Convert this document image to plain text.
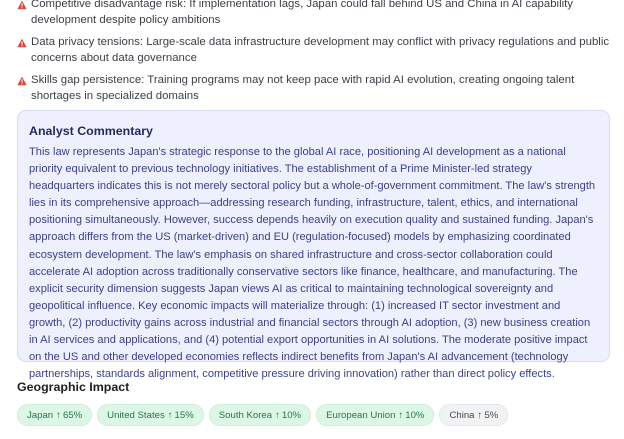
Competitive disadvantage risk: If implementation lags, Japan could fall behind US and China in AI capability development despite policy ambitions
Data privacy tensions: Large-scale data infrastructure development may conflict with privacy regulations and public concerns about data governance
Skills gap persistence: Training programs may not keep pace with rapid AI evolution, creating ongoing talent shortages in specialized domains
Analyst Commentary
This law represents Japan's strategic response to the global AI race, positioning AI development as a national priority equivalent to previous technology initiatives. The establishment of a Prime Minister-led strategy headquarters indicates this is not merely sectoral policy but a whole-of-government commitment. The law's strength lies in its comprehensive approach—addressing research funding, infrastructure, talent, ethics, and international positioning simultaneously. However, success depends heavily on execution quality and sustained funding. Japan's approach differs from the US (market-driven) and EU (regulation-focused) models by emphasizing coordinated ecosystem development. The law's emphasis on shared infrastructure and cross-sector collaboration could accelerate AI adoption across traditionally conservative sectors like finance, healthcare, and manufacturing. The explicit security dimension suggests Japan views AI as critical to maintaining technological sovereignty and geopolitical influence. Key economic impacts will materialize through: (1) increased IT sector investment and growth, (2) productivity gains across industrial and financial sectors through AI adoption, (3) new business creation in AI services and applications, and (4) potential export opportunities in AI solutions. The moderate positive impact on the US and other developed economies reflects indirect benefits from Japan's AI advancement (technology partnerships, standards alignment, competitive pressure driving innovation) rather than direct policy effects.
Geographic Impact
Japan ↑ 65%	United States ↑ 15%	South Korea ↑ 10%	European Union ↑ 10%	China ↑ 5%
